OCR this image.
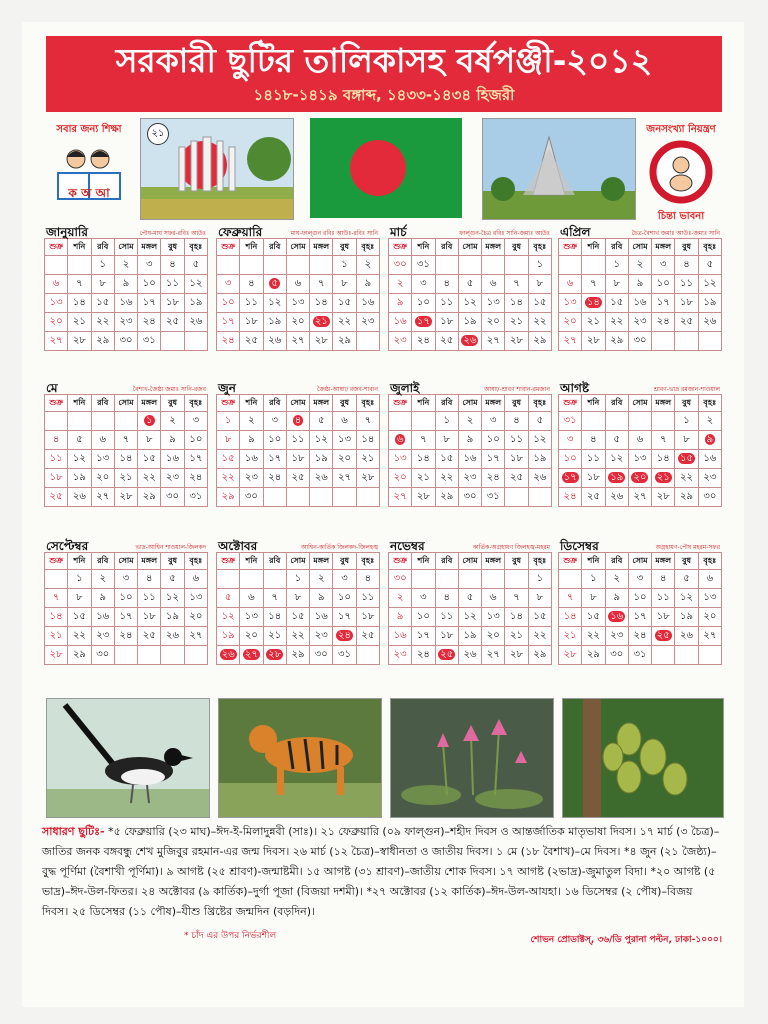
সরকারী ছুটির তালিকাসহ বর্ষপঞ্জী-২০১২
১৪১৮-১৪১৯ বঙ্গাব্দ, ১৪৩৩-১৪৩৪ হিজরী
সবার জন্য শিক্ষা
ক অ আ
২১	জনসংখ্যা নিয়ন্ত্রণ
চিন্তা ভাবনা
জানুয়ারি	পৌষ-মাঘ সফর-রবিঃ আউঃ
শুক্র	শনি	রবি	সোম	মঙ্গল	বুধ	বৃহঃ
		১	২	৩	৪	৫
৬	৭	৮	৯	১০	১১	১২
১৩	১৪	১৫	১৬	১৭	১৮	১৯
২০	২১	২২	২৩	২৪	২৫	২৬
২৭	২৮	২৯	৩০	৩১		
ফেব্রুয়ারি	মাঘ-ফাল্গুন রবিঃ আউঃ-রবিঃ সানি
শুক্র	শনি	রবি	সোম	মঙ্গল	বুধ	বৃহঃ
					১	২
৩	৪	৫	৬	৭	৮	৯
১০	১১	১২	১৩	১৪	১৫	১৬
১৭	১৮	১৯	২০	২১	২২	২৩
২৪	২৫	২৬	২৭	২৮	২৯	
মার্চ	ফাল্গুন-চৈত্র রবিঃ সানি-জমাঃ আউঃ
শুক্র	শনি	রবি	সোম	মঙ্গল	বুধ	বৃহঃ
৩০	৩১					১
২	৩	৪	৫	৬	৭	৮
৯	১০	১১	১২	১৩	১৪	১৫
১৬	১৭	১৮	১৯	২০	২১	২২
২৩	২৪	২৫	২৬	২৭	২৮	২৯
এপ্রিল	চৈত্র-বৈশাখ জমাঃ আউঃ-জমাঃ সানি
শুক্র	শনি	রবি	সোম	মঙ্গল	বুধ	বৃহঃ
		১	২	৩	৪	৫
৬	৭	৮	৯	১০	১১	১২
১৩	১৪	১৫	১৬	১৭	১৮	১৯
২০	২১	২২	২৩	২৪	২৫	২৬
২৭	২৮	২৯	৩০			
মে	বৈশাখ-জৈষ্ঠ্য জমাঃ সানি-রজব
শুক্র	শনি	রবি	সোম	মঙ্গল	বুধ	বৃহঃ
				১	২	৩
৪	৫	৬	৭	৮	৯	১০
১১	১২	১৩	১৪	১৫	১৬	১৭
১৮	১৯	২০	২১	২২	২৩	২৪
২৫	২৬	২৭	২৮	২৯	৩০	৩১
জুন	জৈষ্ঠ্য-আষাঢ় রজব-শাবান
শুক্র	শনি	রবি	সোম	মঙ্গল	বুধ	বৃহঃ
১	২	৩	৪	৫	৬	৭
৮	৯	১০	১১	১২	১৩	১৪
১৫	১৬	১৭	১৮	১৯	২০	২১
২২	২৩	২৪	২৫	২৬	২৭	২৮
২৯	৩০					
জুলাই	আষাঢ়-শ্রাবণ শাবান-রমজান
শুক্র	শনি	রবি	সোম	মঙ্গল	বুধ	বৃহঃ
		১	২	৩	৪	৫
৬	৭	৮	৯	১০	১১	১২
১৩	১৪	১৫	১৬	১৭	১৮	১৯
২০	২১	২২	২৩	২৪	২৫	২৬
২৭	২৮	২৯	৩০	৩১		
আগষ্ট	শ্রাবণ-ভাদ্র রমজান-শাওয়াল
শুক্র	শনি	রবি	সোম	মঙ্গল	বুধ	বৃহঃ
৩১					১	২
৩	৪	৫	৬	৭	৮	৯
১০	১১	১২	১৩	১৪	১৫	১৬
১৭	১৮	১৯	২০	২১	২২	২৩
২৪	২৫	২৬	২৭	২৮	২৯	৩০
সেপ্টেম্বর	ভাদ্র-আশ্বিন শাওয়াল-জিলকদ
শুক্র	শনি	রবি	সোম	মঙ্গল	বুধ	বৃহঃ
	১	২	৩	৪	৫	৬
৭	৮	৯	১০	১১	১২	১৩
১৪	১৫	১৬	১৭	১৮	১৯	২০
২১	২২	২৩	২৪	২৫	২৬	২৭
২৮	২৯	৩০				
অক্টোবর	আশ্বিন-কার্তিক জিলকদ-জিলহজ্ব
শুক্র	শনি	রবি	সোম	মঙ্গল	বুধ	বৃহঃ
			১	২	৩	৪
৫	৬	৭	৮	৯	১০	১১
১২	১৩	১৪	১৫	১৬	১৭	১৮
১৯	২০	২১	২২	২৩	২৪	২৫
২৬	২৭	২৮	২৯	৩০	৩১	
নভেম্বর	কার্তিক-অগ্রহায়ণ জিলহজ্ব-মহরম
শুক্র	শনি	রবি	সোম	মঙ্গল	বুধ	বৃহঃ
৩০						১
২	৩	৪	৫	৬	৭	৮
৯	১০	১১	১২	১৩	১৪	১৫
১৬	১৭	১৮	১৯	২০	২১	২২
২৩	২৪	২৫	২৬	২৭	২৮	২৯
ডিসেম্বর	অগ্রহায়ণ-পৌষ মহরম-সফর
শুক্র	শনি	রবি	সোম	মঙ্গল	বুধ	বৃহঃ
	১	২	৩	৪	৫	৬
৭	৮	৯	১০	১১	১২	১৩
১৪	১৫	১৬	১৭	১৮	১৯	২০
২১	২২	২৩	২৪	২৫	২৬	২৭
২৮	২৯	৩০	৩১			
সাধারণ ছুটিঃ- *৫ ফেব্রুয়ারি (২৩ মাঘ)–ঈদ-ই-মিলাদুন্নবী (সাঃ)। ২১ ফেব্রুয়ারি (০৯ ফাল্গুন)–শহীদ দিবস ও আন্তর্জাতিক মাতৃভাষা দিবস। ১৭ মার্চ (৩ চৈত্র)– জাতির জনক বঙ্গবন্ধু শেখ মুজিবুর রহমান-এর জন্ম দিবস। ২৬ মার্চ (১২ চৈত্র)–স্বাধীনতা ও জাতীয় দিবস। ১ মে (১৮ বৈশাখ)–মে দিবস। *৪ জুন (২১ জৈষ্ঠ্য)– বুদ্ধ পূর্ণিমা (বৈশাখী পূর্ণিমা)। ৯ আগষ্ট (২৫ শ্রাবণ)-জন্মাষ্টমী। ১৫ আগষ্ট (৩১ শ্রাবণ)–জাতীয় শোক দিবস। ১৭ আগষ্ট (২ভাদ্র)-জুমাতুল বিদা। *২০ আগষ্ট (৫ ভাদ্র)–ঈদ-উল-ফিতর। ২৪ অক্টোবর (৯ কার্তিক)–দুর্গা পূজা (বিজয়া দশমী)। *২৭ অক্টোবর (১২ কার্তিক)–ঈদ-উল-আযহা। ১৬ ডিসেম্বর (২ পৌষ)–বিজয় দিবস। ২৫ ডিসেম্বর (১১ পৌষ)–যীশু খ্রিষ্টের জন্মদিন (বড়দিন)।
* চাঁদ এর উপর নির্ভরশীল	শোভন প্রোডাক্টস্‌, ৩৬/ডি পুরানা পল্টন, ঢাকা-১০০০।
